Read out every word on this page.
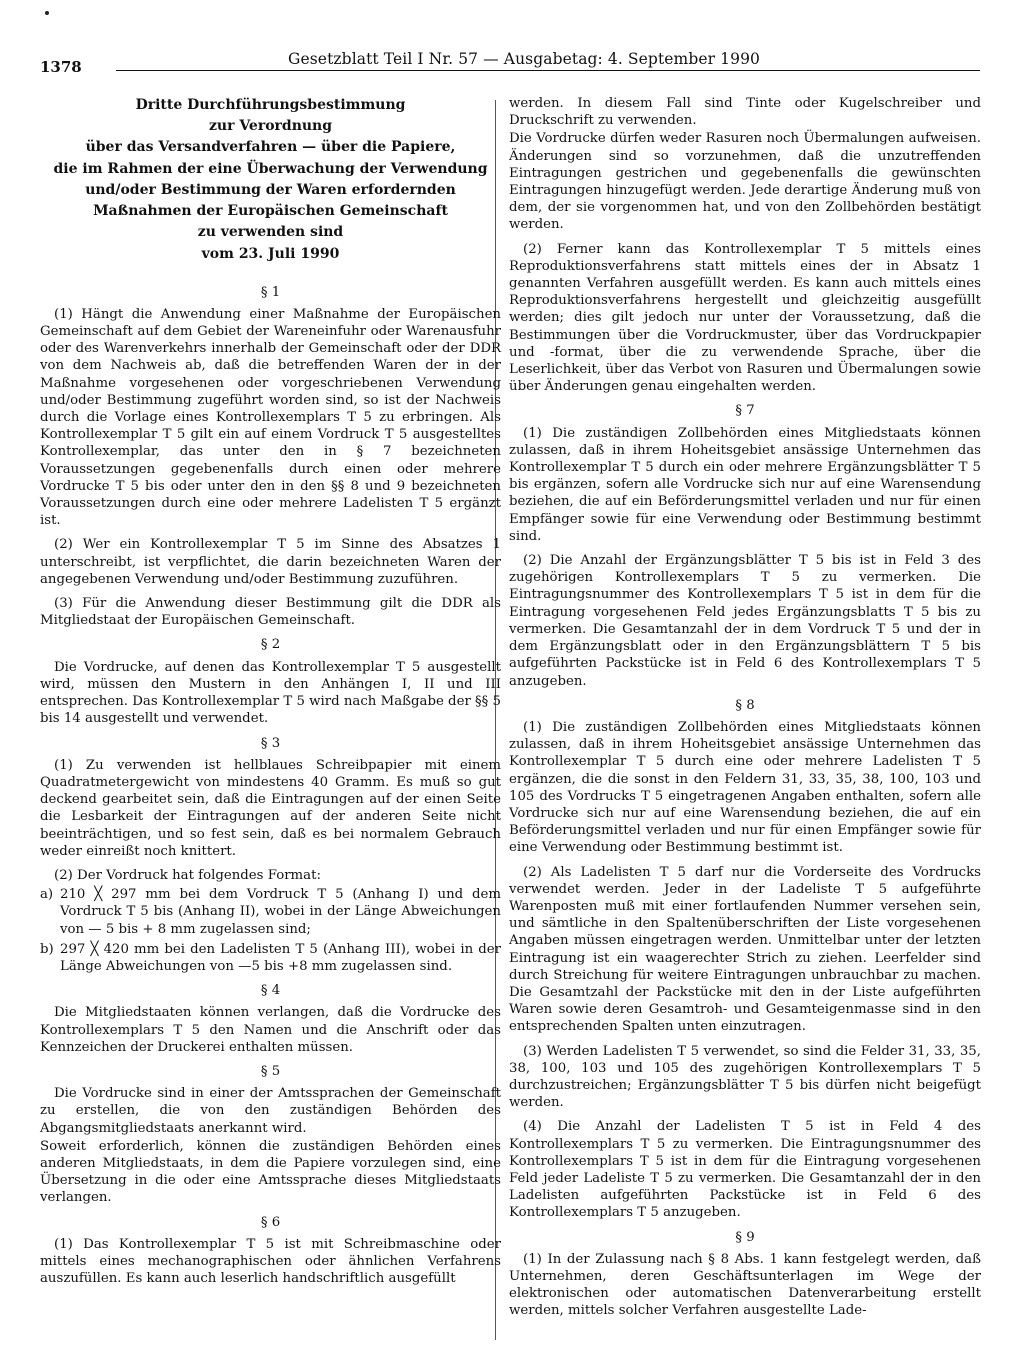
1378	Gesetzblatt Teil I Nr. 57 — Ausgabetag: 4. September 1990
Dritte Durchführungsbestimmung
zur Verordnung
über das Versandverfahren — über die Papiere,
die im Rahmen der eine Überwachung der Verwendung
und/oder Bestimmung der Waren erfordernden
Maßnahmen der Europäischen Gemeinschaft
zu verwenden sind
vom 23. Juli 1990
§ 1

(1) Hängt die Anwendung einer Maßnahme der Europäischen Gemeinschaft auf dem Gebiet der Wareneinfuhr oder Warenausfuhr oder des Warenverkehrs innerhalb der Gemeinschaft oder der DDR von dem Nachweis ab, daß die betreffenden Waren der in der Maßnahme vorgesehenen oder vorgeschriebenen Verwendung und/oder Bestimmung zugeführt worden sind, so ist der Nachweis durch die Vorlage eines Kontrollexemplars T 5 zu erbringen. Als Kontrollexemplar T 5 gilt ein auf einem Vordruck T 5 ausgestelltes Kontrollexemplar, das unter den in § 7 bezeichneten Voraussetzungen gegebenenfalls durch einen oder mehrere Vordrucke T 5 bis oder unter den in den §§ 8 und 9 bezeichneten Voraussetzungen durch eine oder mehrere Ladelisten T 5 ergänzt ist.

(2) Wer ein Kontrollexemplar T 5 im Sinne des Absatzes 1 unterschreibt, ist verpflichtet, die darin bezeichneten Waren der angegebenen Verwendung und/oder Bestimmung zuzuführen.

(3) Für die Anwendung dieser Bestimmung gilt die DDR als Mitgliedstaat der Europäischen Gemeinschaft.

§ 2

Die Vordrucke, auf denen das Kontrollexemplar T 5 ausgestellt wird, müssen den Mustern in den Anhängen I, II und III entsprechen. Das Kontrollexemplar T 5 wird nach Maßgabe der §§ 5 bis 14 ausgestellt und verwendet.

§ 3

(1) Zu verwenden ist hellblaues Schreibpapier mit einem Quadratmetergewicht von mindestens 40 Gramm. Es muß so gut deckend gearbeitet sein, daß die Eintragungen auf der einen Seite die Lesbarkeit der Eintragungen auf der anderen Seite nicht beeinträchtigen, und so fest sein, daß es bei normalem Gebrauch weder einreißt noch knittert.

(2) Der Vordruck hat folgendes Format:

a) 210 ╳ 297 mm bei dem Vordruck T 5 (Anhang I) und dem Vordruck T 5 bis (Anhang II), wobei in der Länge Abweichungen von — 5 bis + 8 mm zugelassen sind;
b) 297 ╳ 420 mm bei den Ladelisten T 5 (Anhang III), wobei in der Länge Abweichungen von —5 bis +8 mm zugelassen sind.
§ 4

Die Mitgliedstaaten können verlangen, daß die Vordrucke des Kontrollexemplars T 5 den Namen und die Anschrift oder das Kennzeichen der Druckerei enthalten müssen.

§ 5

Die Vordrucke sind in einer der Amtssprachen der Gemeinschaft zu erstellen, die von den zuständigen Behörden des Abgangsmitgliedstaats anerkannt wird.

Soweit erforderlich, können die zuständigen Behörden eines anderen Mitgliedstaats, in dem die Papiere vorzulegen sind, eine Übersetzung in die oder eine Amtssprache dieses Mitgliedstaats verlangen.

§ 6

(1) Das Kontrollexemplar T 5 ist mit Schreibmaschine oder mittels eines mechanographischen oder ähnlichen Verfahrens auszufüllen. Es kann auch leserlich handschriftlich ausgefüllt

werden. In diesem Fall sind Tinte oder Kugelschreiber und Druckschrift zu verwenden.

Die Vordrucke dürfen weder Rasuren noch Übermalungen aufweisen. Änderungen sind so vorzunehmen, daß die unzutreffenden Eintragungen gestrichen und gegebenenfalls die gewünschten Eintragungen hinzugefügt werden. Jede derartige Änderung muß von dem, der sie vorgenommen hat, und von den Zollbehörden bestätigt werden.

(2) Ferner kann das Kontrollexemplar T 5 mittels eines Reproduktionsverfahrens statt mittels eines der in Absatz 1 genannten Verfahren ausgefüllt werden. Es kann auch mittels eines Reproduktionsverfahrens hergestellt und gleichzeitig ausgefüllt werden; dies gilt jedoch nur unter der Voraussetzung, daß die Bestimmungen über die Vordruckmuster, über das Vordruckpapier und -format, über die zu verwendende Sprache, über die Leserlichkeit, über das Verbot von Rasuren und Übermalungen sowie über Änderungen genau eingehalten werden.

§ 7

(1) Die zuständigen Zollbehörden eines Mitgliedstaats können zulassen, daß in ihrem Hoheitsgebiet ansässige Unternehmen das Kontrollexemplar T 5 durch ein oder mehrere Ergänzungsblätter T 5 bis ergänzen, sofern alle Vordrucke sich nur auf eine Warensendung beziehen, die auf ein Beförderungsmittel verladen und nur für einen Empfänger sowie für eine Verwendung oder Bestimmung bestimmt sind.

(2) Die Anzahl der Ergänzungsblätter T 5 bis ist in Feld 3 des zugehörigen Kontrollexemplars T 5 zu vermerken. Die Eintragungsnummer des Kontrollexemplars T 5 ist in dem für die Eintragung vorgesehenen Feld jedes Ergänzungsblatts T 5 bis zu vermerken. Die Gesamtanzahl der in dem Vordruck T 5 und der in dem Ergänzungsblatt oder in den Ergänzungsblättern T 5 bis aufgeführten Packstücke ist in Feld 6 des Kontrollexemplars T 5 anzugeben.

§ 8

(1) Die zuständigen Zollbehörden eines Mitgliedstaats können zulassen, daß in ihrem Hoheitsgebiet ansässige Unternehmen das Kontrollexemplar T 5 durch eine oder mehrere Ladelisten T 5 ergänzen, die die sonst in den Feldern 31, 33, 35, 38, 100, 103 und 105 des Vordrucks T 5 eingetragenen Angaben enthalten, sofern alle Vordrucke sich nur auf eine Warensendung beziehen, die auf ein Beförderungsmittel verladen und nur für einen Empfänger sowie für eine Verwendung oder Bestimmung bestimmt ist.

(2) Als Ladelisten T 5 darf nur die Vorderseite des Vordrucks verwendet werden. Jeder in der Ladeliste T 5 aufgeführte Warenposten muß mit einer fortlaufenden Nummer versehen sein, und sämtliche in den Spaltenüberschriften der Liste vorgesehenen Angaben müssen eingetragen werden. Unmittelbar unter der letzten Eintragung ist ein waagerechter Strich zu ziehen. Leerfelder sind durch Streichung für weitere Eintragungen unbrauchbar zu machen. Die Gesamtzahl der Packstücke mit den in der Liste aufgeführten Waren sowie deren Gesamtroh- und Gesamteigenmasse sind in den entsprechenden Spalten unten einzutragen.

(3) Werden Ladelisten T 5 verwendet, so sind die Felder 31, 33, 35, 38, 100, 103 und 105 des zugehörigen Kontrollexemplars T 5 durchzustreichen; Ergänzungsblätter T 5 bis dürfen nicht beigefügt werden.

(4) Die Anzahl der Ladelisten T 5 ist in Feld 4 des Kontrollexemplars T 5 zu vermerken. Die Eintragungsnummer des Kontrollexemplars T 5 ist in dem für die Eintragung vorgesehenen Feld jeder Ladeliste T 5 zu vermerken. Die Gesamtanzahl der in den Ladelisten aufgeführten Packstücke ist in Feld 6 des Kontrollexemplars T 5 anzugeben.

§ 9

(1) In der Zulassung nach § 8 Abs. 1 kann festgelegt werden, daß Unternehmen, deren Geschäftsunterlagen im Wege der elektronischen oder automatischen Datenverarbeitung erstellt werden, mittels solcher Verfahren ausgestellte Lade-
